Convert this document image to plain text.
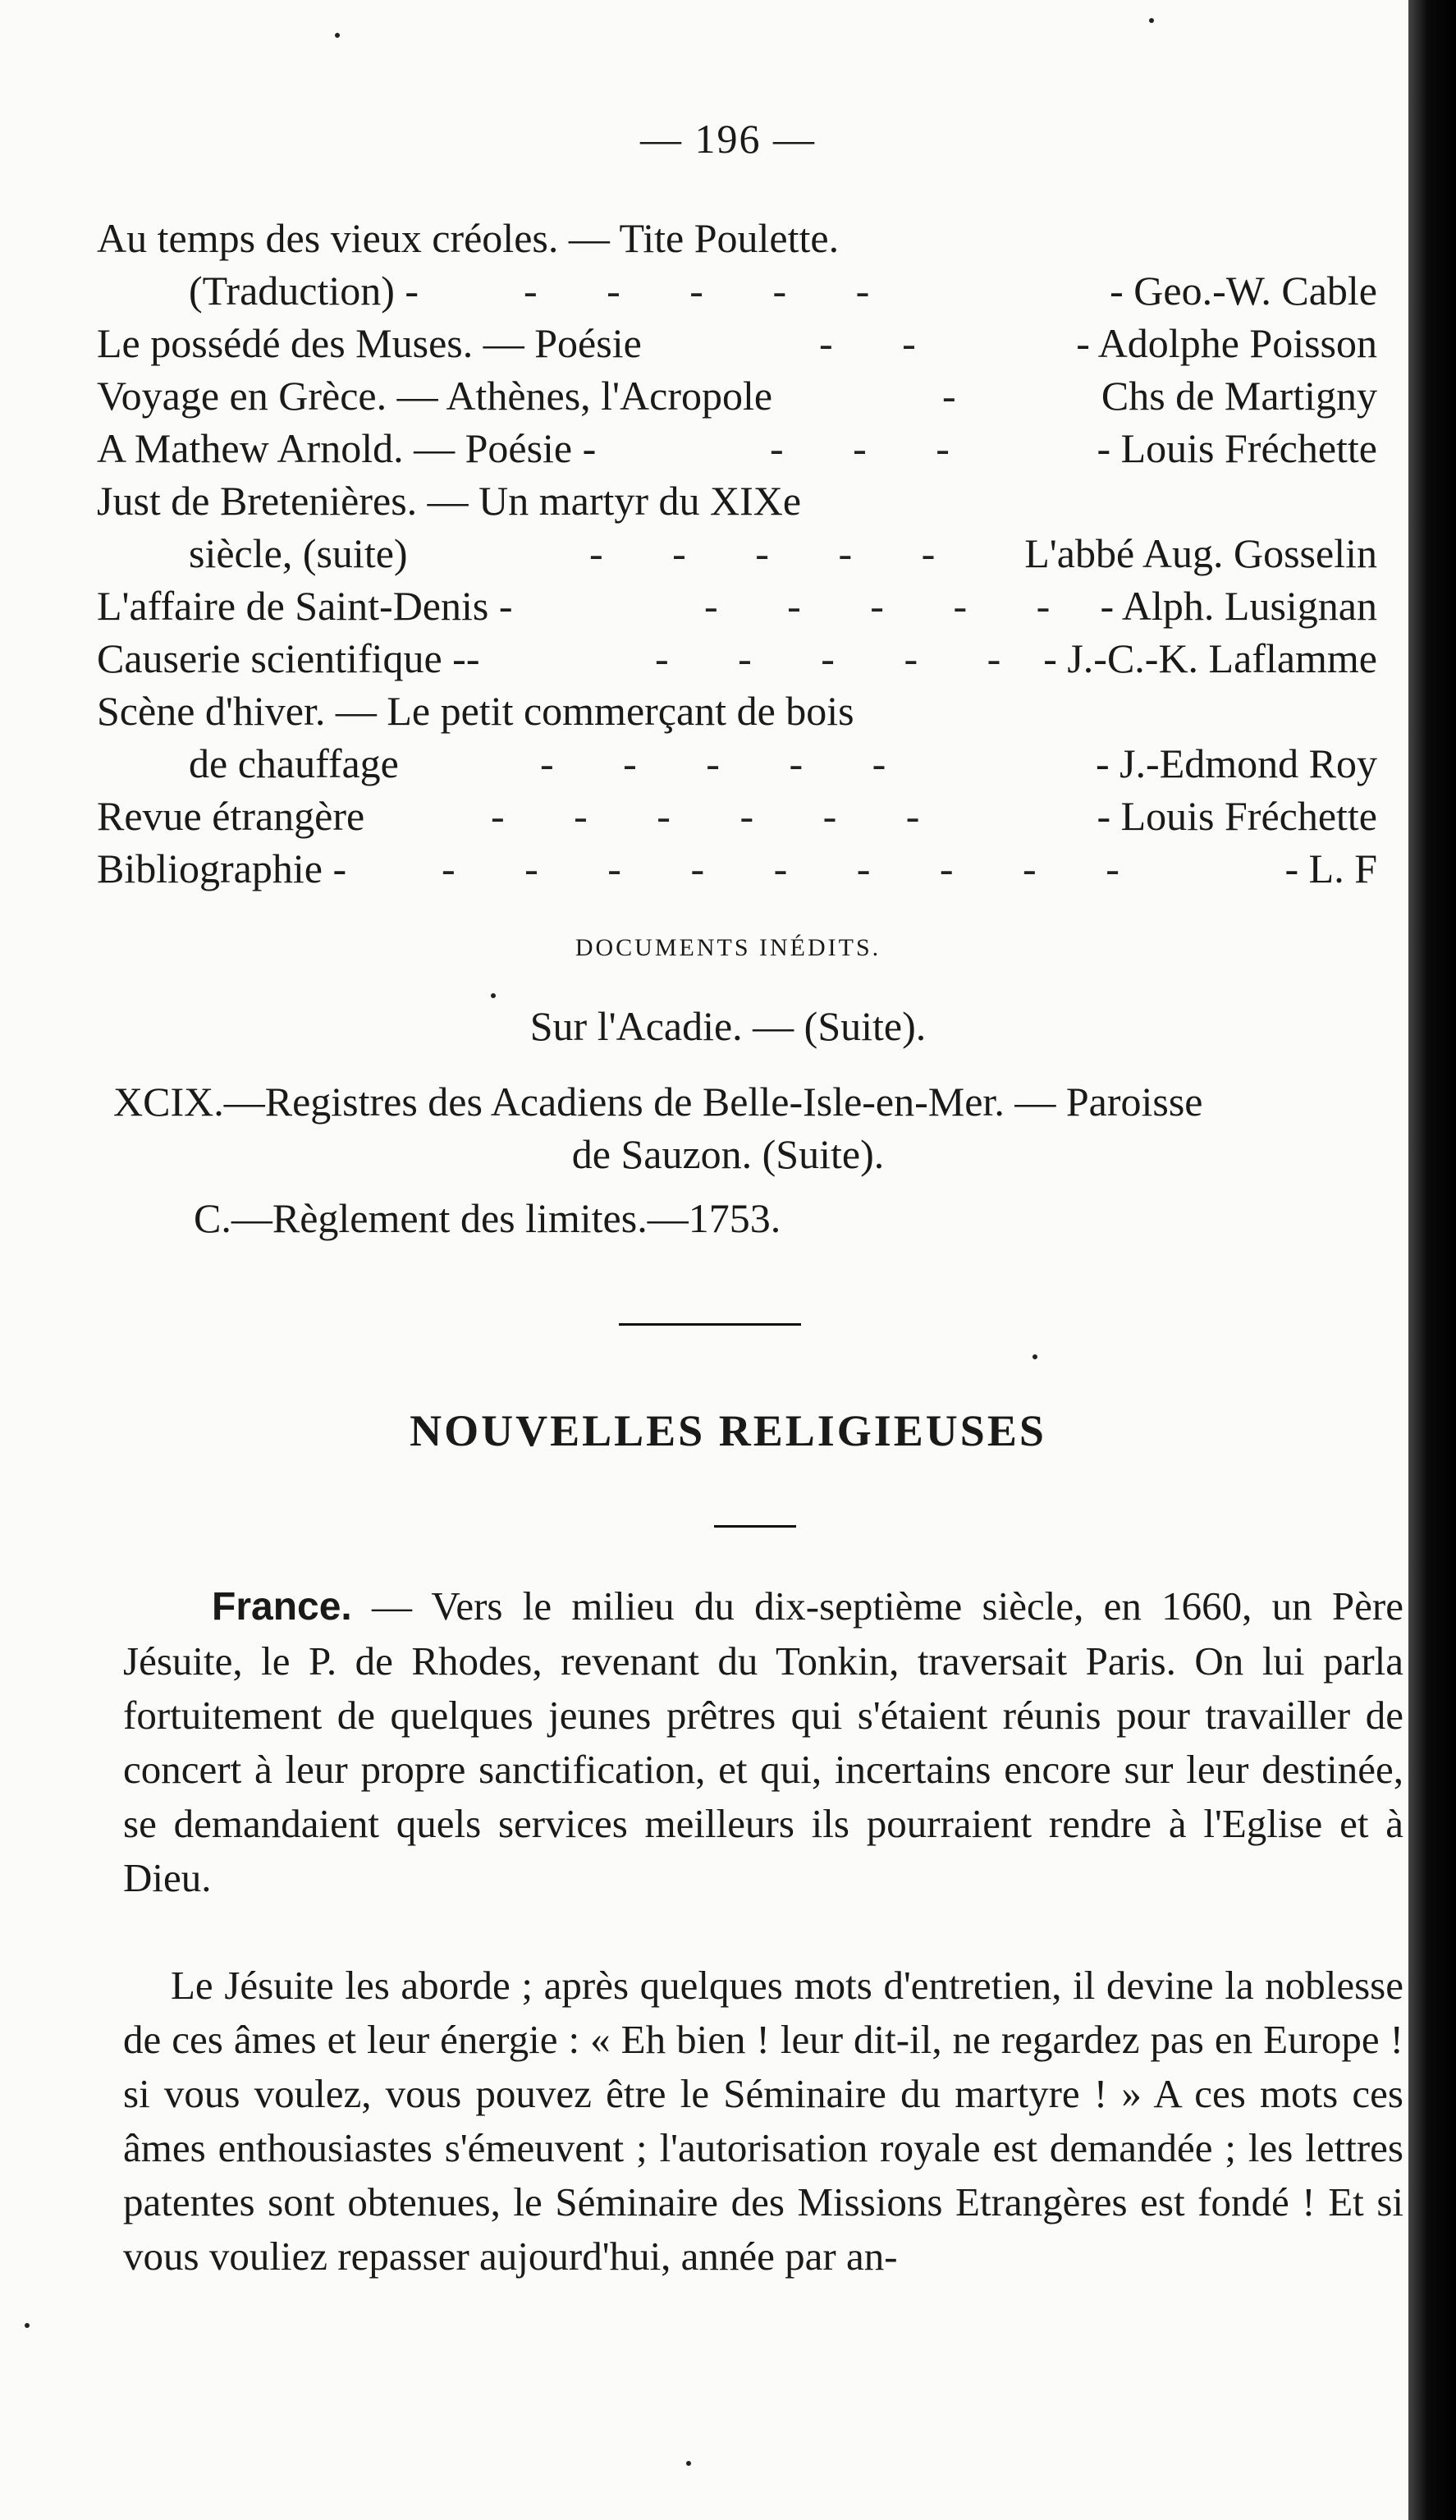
— 196 —
Au temps des vieux créoles. — Tite Poulette.
(Traduction) -	- - - - -	- Geo.-W. Cable
Le possédé des Muses. — Poésie	- -	- Adolphe Poisson
Voyage en Grèce. — Athènes, l'Acropole	-	Chs de Martigny
A Mathew Arnold. — Poésie -	- - -	- Louis Fréchette
Just de Bretenières. — Un martyr du XIXe
siècle, (suite)	- - - - - L'abbé Aug. Gosselin
L'affaire de Saint-Denis -	- - - - - - Alph. Lusignan
Causerie scientifique --	- - - - - - J.-C.-K. Laflamme
Scène d'hiver. — Le petit commerçant de bois
de chauffage	- - - - -	- J.-Edmond Roy
Revue étrangère	- - - - - -	- Louis Fréchette
Bibliographie - - - - - - - - - -	- L. F
DOCUMENTS INÉDITS.
Sur l'Acadie. — (Suite).
XCIX.—Registres des Acadiens de Belle-Isle-en-Mer. — Paroisse
de Sauzon. (Suite).
C.—Règlement des limites.—1753.
NOUVELLES RELIGIEUSES
France. — Vers le milieu du dix-septième siècle, en 1660, un Père Jésuite, le P. de Rhodes, revenant du Tonkin, traversait Paris. On lui parla fortuitement de quelques jeunes prêtres qui s'étaient réunis pour travailler de concert à leur propre sanctification, et qui, incertains encore sur leur destinée, se demandaient quels services meilleurs ils pourraient rendre à l'Eglise et à Dieu.
Le Jésuite les aborde ; après quelques mots d'entretien, il devine la noblesse de ces âmes et leur énergie : « Eh bien ! leur dit-il, ne regardez pas en Europe ! si vous voulez, vous pouvez être le Séminaire du martyre ! » A ces mots ces âmes enthousiastes s'émeuvent ; l'autorisation royale est demandée ; les lettres patentes sont obtenues, le Séminaire des Missions Etrangères est fondé ! Et si vous vouliez repasser aujourd'hui, année par an-
